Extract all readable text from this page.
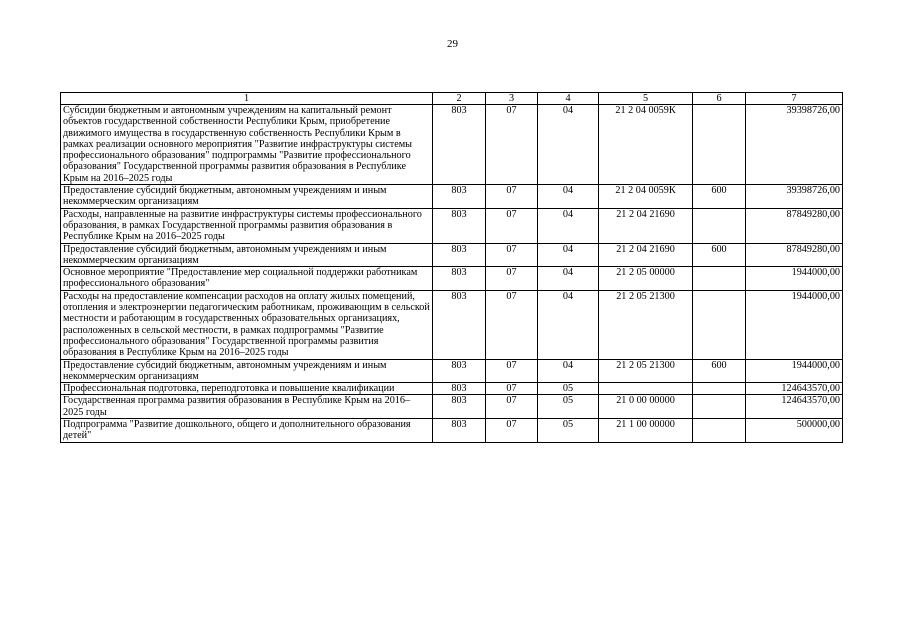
29
1	2	3	4	5	6	7
Субсидии бюджетным и автономным учреждениям на капитальный ремонт объектов государственной собственности Республики Крым, приобретение движимого имущества в государственную собственность Республики Крым в рамках реализации основного мероприятия "Развитие инфраструктуры системы профессионального образования" подпрограммы "Развитие профессионального образования" Государственной программы развития образования в Республике Крым на 2016–2025 годы	803	07	04	21 2 04 0059К		39398726,00
Предоставление субсидий бюджетным, автономным учреждениям и иным некоммерческим организациям	803	07	04	21 2 04 0059К	600	39398726,00
Расходы, направленные на развитие инфраструктуры системы профессионального образования, в рамках Государственной программы развития образования в Республике Крым на 2016–2025 годы	803	07	04	21 2 04 21690		87849280,00
Предоставление субсидий бюджетным, автономным учреждениям и иным некоммерческим организациям	803	07	04	21 2 04 21690	600	87849280,00
Основное мероприятие "Предоставление мер социальной поддержки работникам профессионального образования"	803	07	04	21 2 05 00000		1944000,00
Расходы на предоставление компенсации расходов на оплату жилых помещений, отопления и электроэнергии педагогическим работникам, проживающим в сельской местности и работающим в государственных образовательных организациях, расположенных в сельской местности, в рамках подпрограммы "Развитие профессионального образования" Государственной программы развития образования в Республике Крым на 2016–2025 годы	803	07	04	21 2 05 21300		1944000,00
Предоставление субсидий бюджетным, автономным учреждениям и иным некоммерческим организациям	803	07	04	21 2 05 21300	600	1944000,00
Профессиональная подготовка, переподготовка и повышение квалификации	803	07	05			124643570,00
Государственная программа развития образования в Республике Крым на 2016–2025 годы	803	07	05	21 0 00 00000		124643570,00
Подпрограмма "Развитие дошкольного, общего и дополнительного образования детей"	803	07	05	21 1 00 00000		500000,00
